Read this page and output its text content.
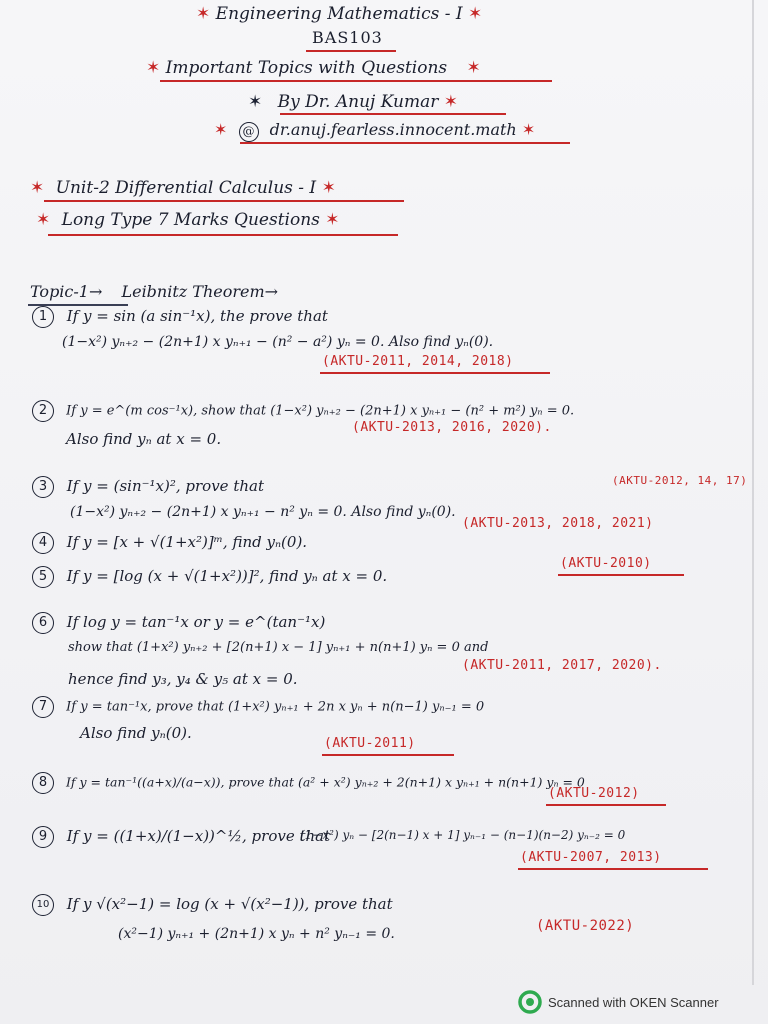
✶ Engineering Mathematics - I ✶
BAS103
✶ Important Topics with Questions ✶
✶ By Dr. Anuj Kumar ✶
✶ @ dr.anuj.fearless.innocent.math ✶
✶ Unit-2 Differential Calculus - I ✶
✶ Long Type 7 Marks Questions ✶
Topic-1→ Leibnitz Theorem→
1 If y = sin (a sin⁻¹x), the prove that
(1−x²) yₙ₊₂ − (2n+1) x yₙ₊₁ − (n² − a²) yₙ = 0. Also find yₙ(0).
(AKTU-2011, 2014, 2018)
2 If y = e^(m cos⁻¹x), show that (1−x²) yₙ₊₂ − (2n+1) x yₙ₊₁ − (n² + m²) yₙ = 0.
Also find yₙ at x = 0.
(AKTU-2013, 2016, 2020).
3 If y = (sin⁻¹x)², prove that	(AKTU-2012, 14, 17)
(1−x²) yₙ₊₂ − (2n+1) x yₙ₊₁ − n² yₙ = 0. Also find yₙ(0).
4 If y = [x + √(1+x²)]ᵐ, find yₙ(0).
(AKTU-2013, 2018, 2021)
5 If y = [log (x + √(1+x²))]², find yₙ at x = 0.
(AKTU-2010)
6 If log y = tan⁻¹x or y = e^(tan⁻¹x)
show that (1+x²) yₙ₊₂ + [2(n+1) x − 1] yₙ₊₁ + n(n+1) yₙ = 0 and
hence find y₃, y₄ & y₅ at x = 0.
(AKTU-2011, 2017, 2020).
7 If y = tan⁻¹x, prove that (1+x²) yₙ₊₁ + 2n x yₙ + n(n−1) yₙ₋₁ = 0
Also find yₙ(0).
(AKTU-2011)
8 If y = tan⁻¹((a+x)/(a−x)), prove that (a² + x²) yₙ₊₂ + 2(n+1) x yₙ₊₁ + n(n+1) yₙ = 0
(AKTU-2012)
9 If y = ((1+x)/(1−x))^½, prove that
(1−x²) yₙ − [2(n−1) x + 1] yₙ₋₁ − (n−1)(n−2) yₙ₋₂ = 0
(AKTU-2007, 2013)
10 If y √(x²−1) = log (x + √(x²−1)), prove that
(x²−1) yₙ₊₁ + (2n+1) x yₙ + n² yₙ₋₁ = 0.	(AKTU-2022)
Scanned with OKEN Scanner
